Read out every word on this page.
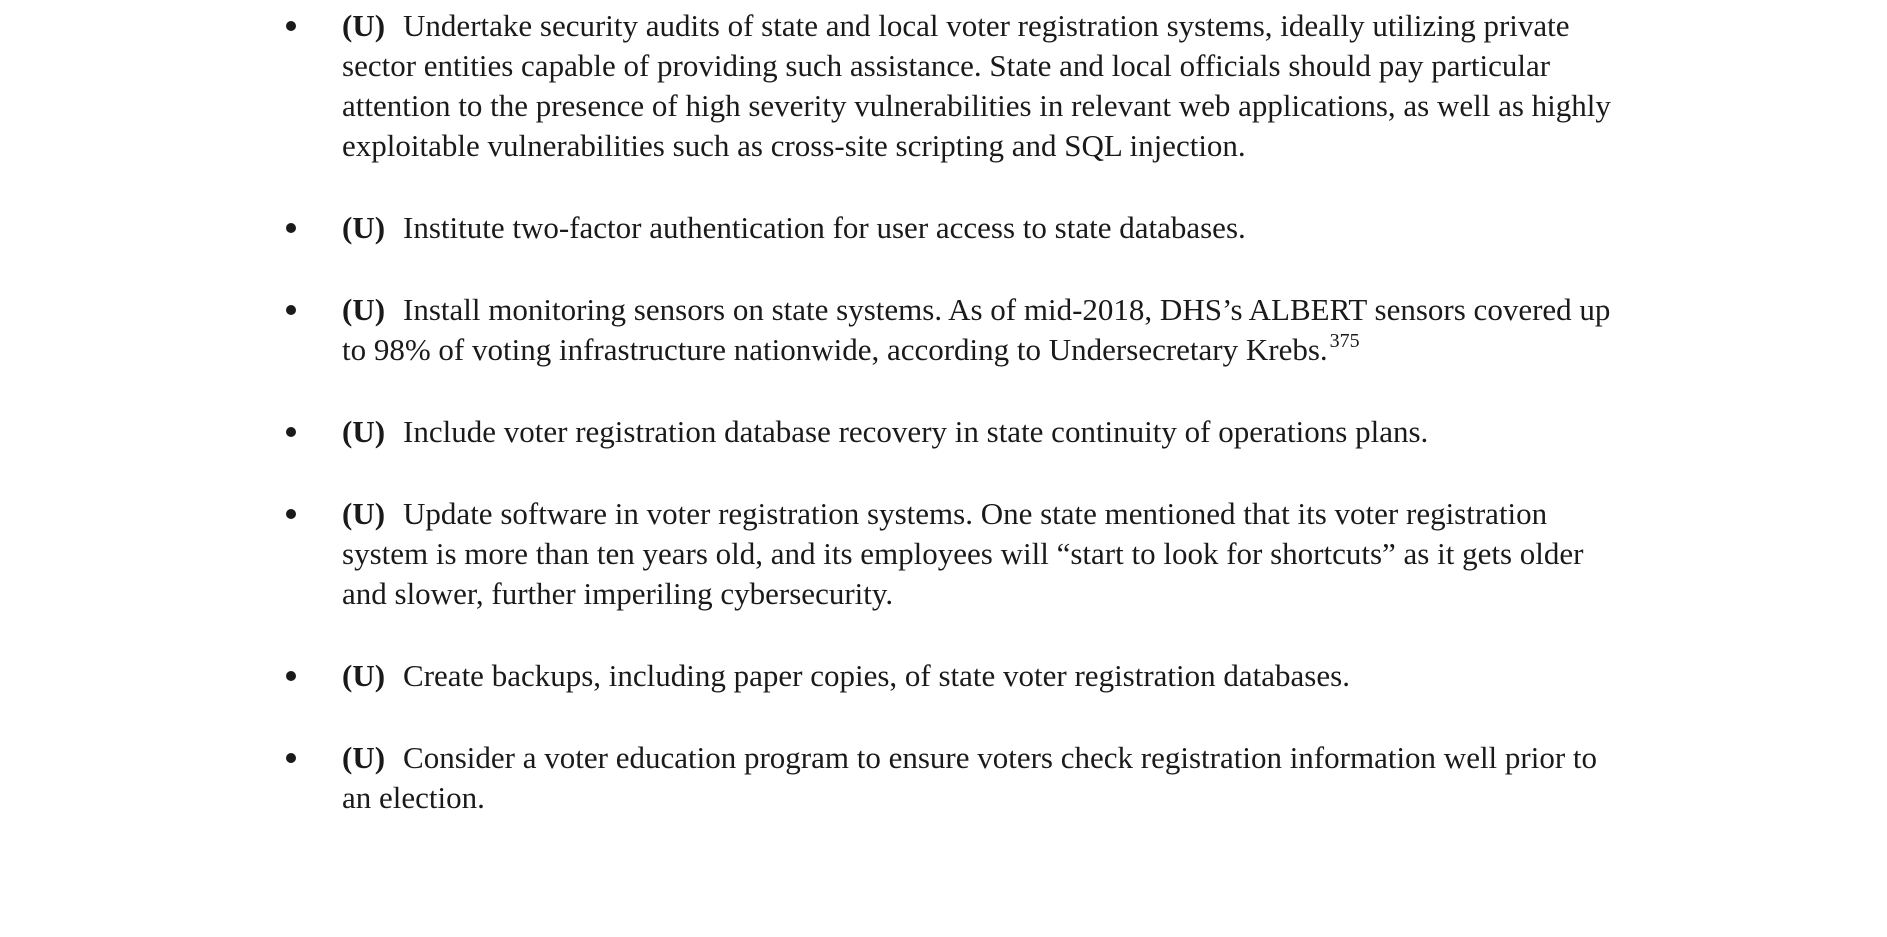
(U) Undertake security audits of state and local voter registration systems, ideally utilizing private sector entities capable of providing such assistance. State and local officials should pay particular attention to the presence of high severity vulnerabilities in relevant web applications, as well as highly exploitable vulnerabilities such as cross-site scripting and SQL injection.
(U) Institute two-factor authentication for user access to state databases.
(U) Install monitoring sensors on state systems. As of mid-2018, DHS’s ALBERT sensors covered up to 98% of voting infrastructure nationwide, according to Undersecretary Krebs. $^{375}$
(U) Include voter registration database recovery in state continuity of operations plans.
(U) Update software in voter registration systems. One state mentioned that its voter registration system is more than ten years old, and its employees will “start to look for shortcuts” as it gets older and slower, further imperiling cybersecurity.
(U) Create backups, including paper copies, of state voter registration databases.
(U) Consider a voter education program to ensure voters check registration information well prior to an election.
